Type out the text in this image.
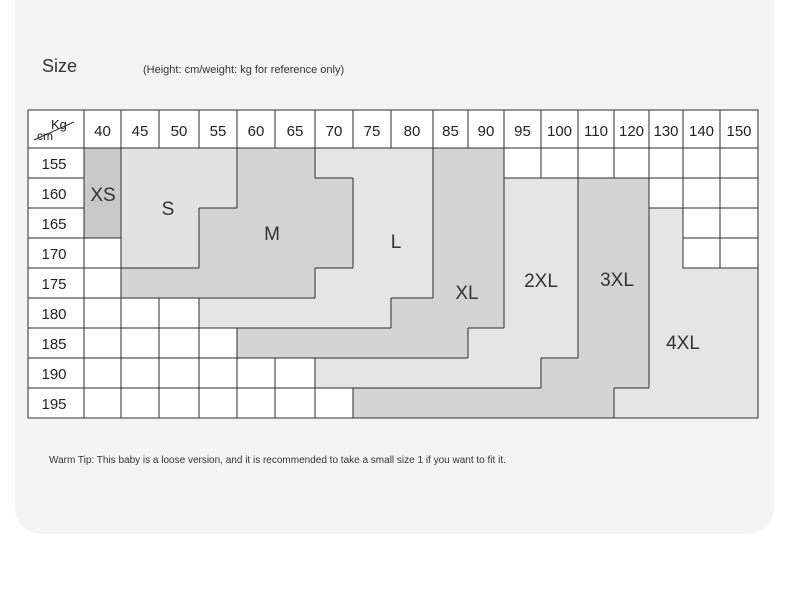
Size	(Height: cm/weight: kg for reference only)
40 45 50 55 60 65 70 75 80 85 90 95 100 110 120 130 140 150
Kg
cm
155
160
165
170
175
180
185
190
195
XS
S
M	L
XL
2XL 3XL
4XL
Warm Tip: This baby is a loose version, and it is recommended to take a small size 1 if you want to fit it.
